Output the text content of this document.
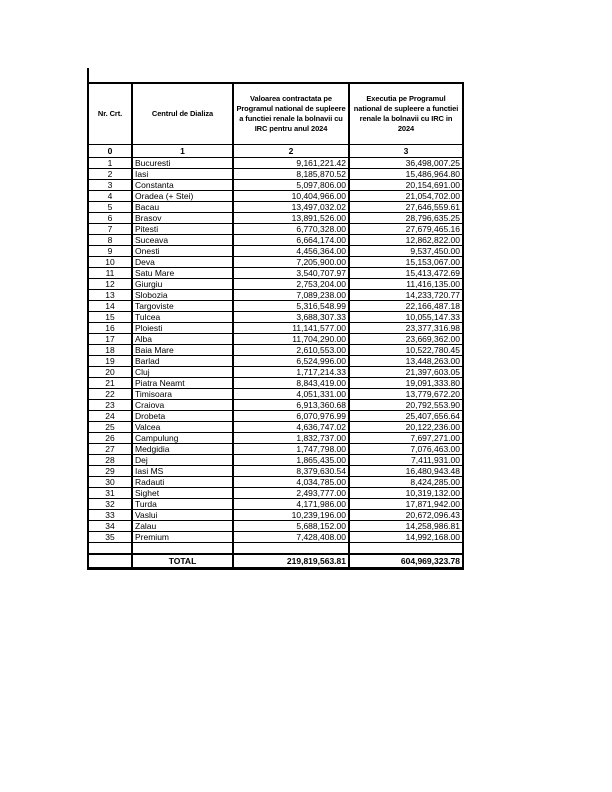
Nr. Crt.	Centrul de Dializa	Valoarea contractata pe Programul national de supleere a functiei renale la bolnavii cu IRC pentru anul 2024	Executia pe Programul national de supleere a functiei renale la bolnavii cu IRC in 2024
0	1	2	3
1	Bucuresti	9,161,221.42	36,498,007.25
2	Iasi	8,185,870.52	15,486,964.80
3	Constanta	5,097,806.00	20,154,691.00
4	Oradea (+ Stei)	10,404,966.00	21,054,702.00
5	Bacau	13,497,032.02	27,646,559.61
6	Brasov	13,891,526.00	28,796,635.25
7	Pitesti	6,770,328.00	27,679,465.16
8	Suceava	6,664,174.00	12,862,822.00
9	Onesti	4,456,364.00	9,537,450.00
10	Deva	7,205,900.00	15,153,067.00
11	Satu Mare	3,540,707.97	15,413,472.69
12	Giurgiu	2,753,204.00	11,416,135.00
13	Slobozia	7,089,238.00	14,233,720.77
14	Targoviste	5,316,548.99	22,166,487.18
15	Tulcea	3,688,307.33	10,055,147.33
16	Ploiesti	11,141,577.00	23,377,316.98
17	Alba	11,704,290.00	23,669,362.00
18	Baia Mare	2,610,553.00	10,522,780.45
19	Barlad	6,524,996.00	13,448,263.00
20	Cluj	1,717,214.33	21,397,603.05
21	Piatra Neamt	8,843,419.00	19,091,333.80
22	Timisoara	4,051,331.00	13,779,672.20
23	Craiova	6,913,360.68	20,792,553.90
24	Drobeta	6,070,976.99	25,407,656.64
25	Valcea	4,636,747.02	20,122,236.00
26	Campulung	1,832,737.00	7,697,271.00
27	Medgidia	1,747,798.00	7,076,463.00
28	Dej	1,865,435.00	7,411,931.00
29	Iasi MS	8,379,630.54	16,480,943.48
30	Radauti	4,034,785.00	8,424,285.00
31	Sighet	2,493,777.00	10,319,132.00
32	Turda	4,171,986.00	17,871,942.00
33	Vaslui	10,239,196.00	20,672,096.43
34	Zalau	5,688,152.00	14,258,986.81
35	Premium	7,428,408.00	14,992,168.00

	TOTAL	219,819,563.81	604,969,323.78
